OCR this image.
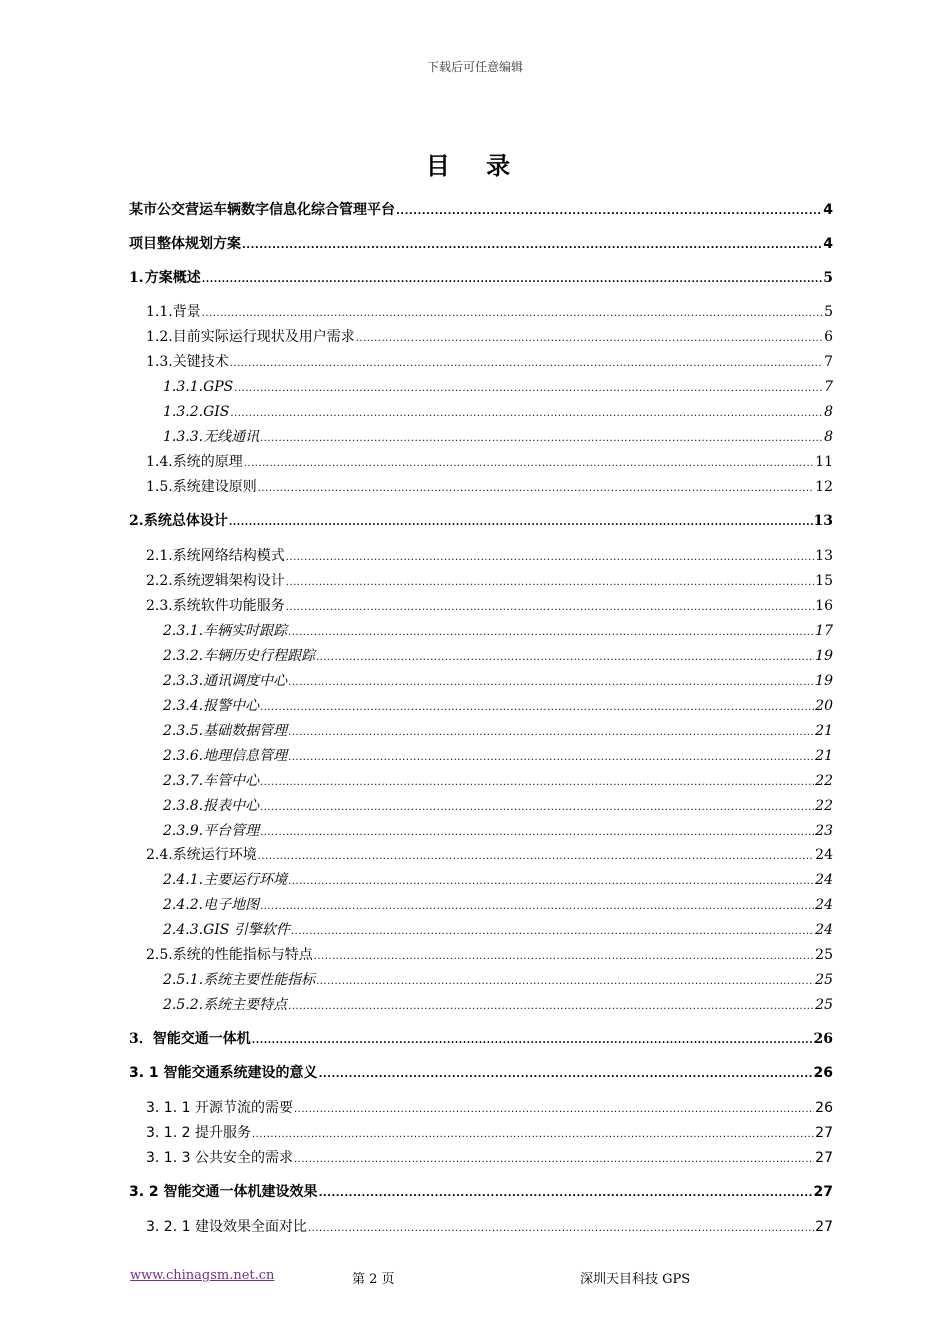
下载后可任意编辑
目 录
某市公交营运车辆数字信息化综合管理平台 .....	4
项目整体规划方案 .....	4
1. 方案概述 .....	5
1.1. 背景 .....	5
1.2. 目前实际运行现状及用户需求 .....	6
1.3. 关键技术 .....	7
1.3.1. GPS .....	7
1.3.2. GIS .....	8
1.3.3. 无线通讯 .....	8
1.4. 系统的原理 .....	11
1.5. 系统建设原则 .....	12
2. 系统总体设计 .....	13
2.1. 系统网络结构模式 .....	13
2.2. 系统逻辑架构设计 .....	15
2.3. 系统软件功能服务 .....	16
2.3.1. 车辆实时跟踪 .....	17
2.3.2. 车辆历史行程跟踪 .....	19
2.3.3. 通讯调度中心 .....	19
2.3.4. 报警中心 .....	20
2.3.5. 基础数据管理 .....	21
2.3.6. 地理信息管理 .....	21
2.3.7. 车管中心 .....	22
2.3.8. 报表中心 .....	22
2.3.9. 平台管理 .....	23
2.4. 系统运行环境 .....	24
2.4.1. 主要运行环境 .....	24
2.4.2. 电子地图 .....	24
2.4.3. GIS 引擎软件 .....	24
2.5. 系统的性能指标与特点 .....	25
2.5.1. 系统主要性能指标 .....	25
2.5.2. 系统主要特点 .....	25
3． 智能交通一体机 .....	26
3. 1 智能交通系统建设的意义 .....	26
3. 1. 1 开源节流的需要 .....	26
3. 1. 2 提升服务 .....	27
3. 1. 3 公共安全的需求 .....	27
3. 2 智能交通一体机建设效果 .....	27
3. 2. 1 建设效果全面对比 .....	27
www.chinagsm.net.cn	第 2 页	深圳天目科技 GPS
